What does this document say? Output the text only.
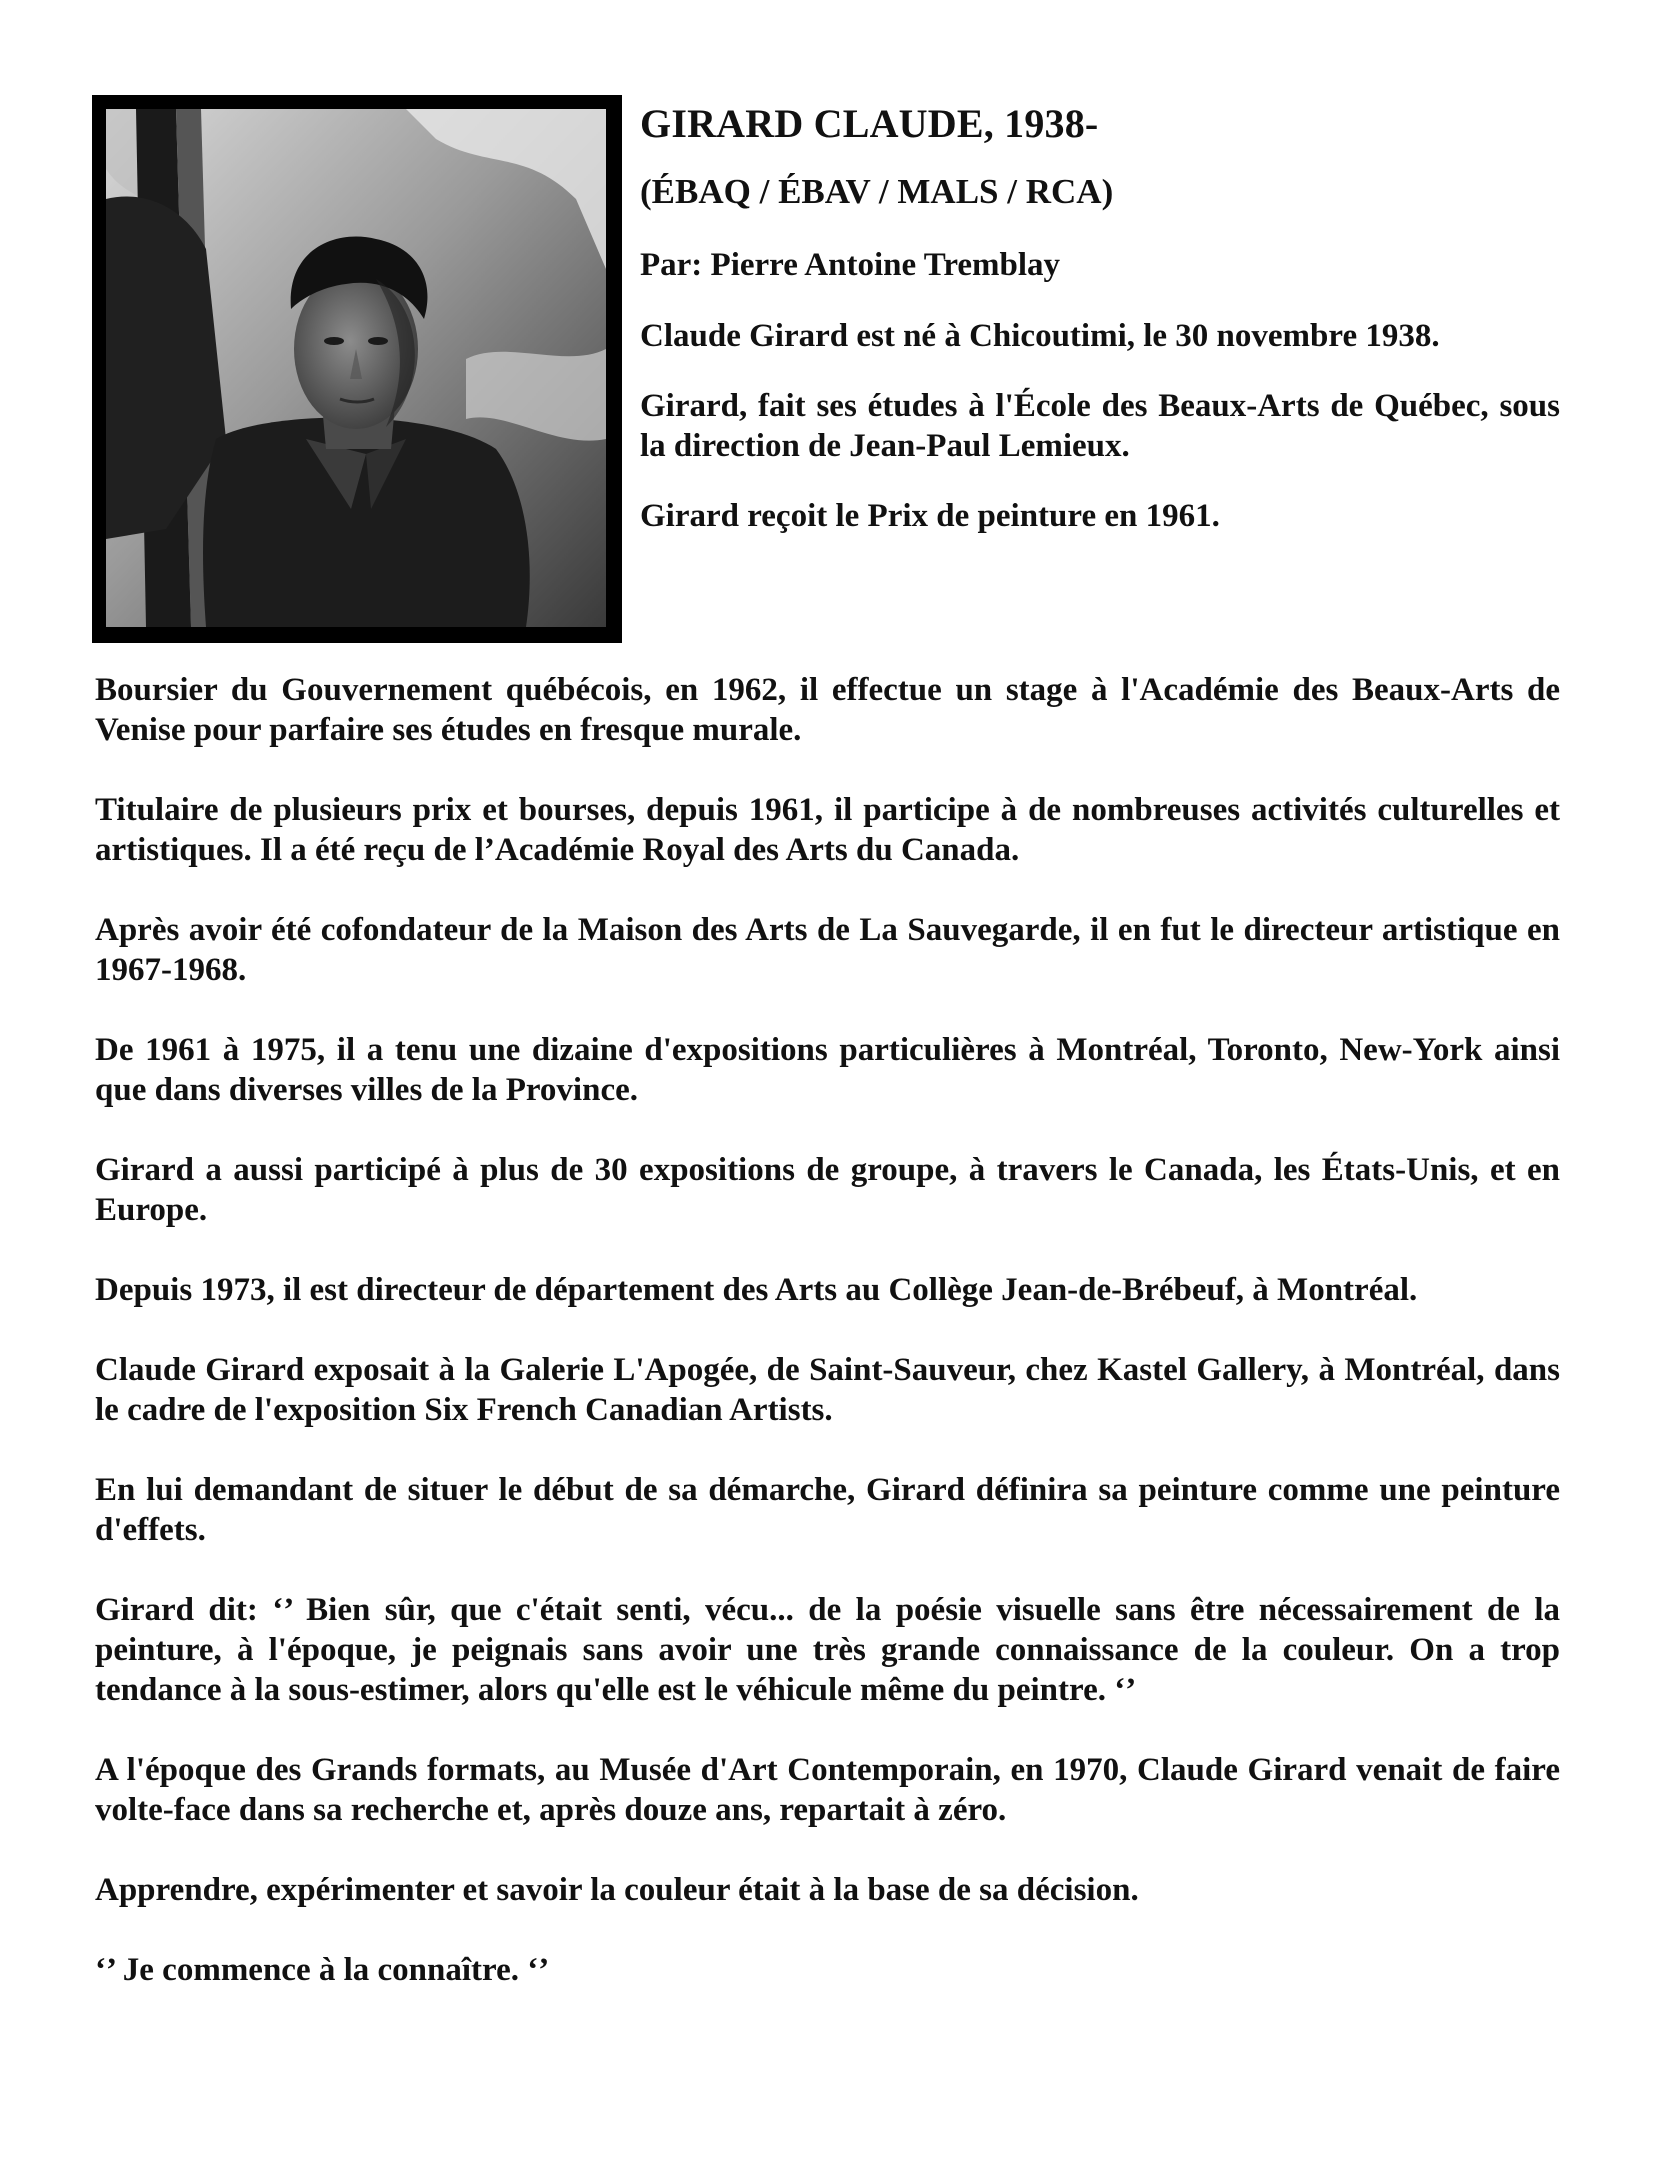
GIRARD CLAUDE, 1938-

(ÉBAQ / ÉBAV / MALS / RCA)

Par: Pierre Antoine Tremblay

Claude Girard est né à Chicoutimi, le 30 novembre 1938.

Girard, fait ses études à l'École des Beaux-Arts de Québec, sous la direction de Jean-Paul Lemieux.

Girard reçoit le Prix de peinture en 1961.

Boursier du Gouvernement québécois, en 1962, il effectue un stage à l'Académie des Beaux-Arts de Venise pour parfaire ses études en fresque murale.

Titulaire de plusieurs prix et bourses, depuis 1961, il participe à de nombreuses activités culturelles et artistiques. Il a été reçu de l’Académie Royal des Arts du Canada.

Après avoir été cofondateur de la Maison des Arts de La Sauvegarde, il en fut le directeur artistique en 1967-1968.

De 1961 à 1975, il a tenu une dizaine d'expositions particulières à Montréal, Toronto, New-York ainsi que dans diverses villes de la Province.

Girard a aussi participé à plus de 30 expositions de groupe, à travers le Canada, les États-Unis, et en Europe.

Depuis 1973, il est directeur de département des Arts au Collège Jean-de-Brébeuf, à Montréal.

Claude Girard exposait à la Galerie L'Apogée, de Saint-Sauveur, chez Kastel Gallery, à Montréal, dans le cadre de l'exposition Six French Canadian Artists.

En lui demandant de situer le début de sa démarche, Girard définira sa peinture comme une peinture d'effets.

Girard dit: ‘’ Bien sûr, que c'était senti, vécu... de la poésie visuelle sans être nécessairement de la peinture, à l'époque, je peignais sans avoir une très grande connaissance de la couleur. On a trop tendance à la sous-estimer, alors qu'elle est le véhicule même du peintre. ‘’

A l'époque des Grands formats, au Musée d'Art Contemporain, en 1970, Claude Girard venait de faire volte-face dans sa recherche et, après douze ans, repartait à zéro.

Apprendre, expérimenter et savoir la couleur était à la base de sa décision.

‘’ Je commence à la connaître. ‘’
